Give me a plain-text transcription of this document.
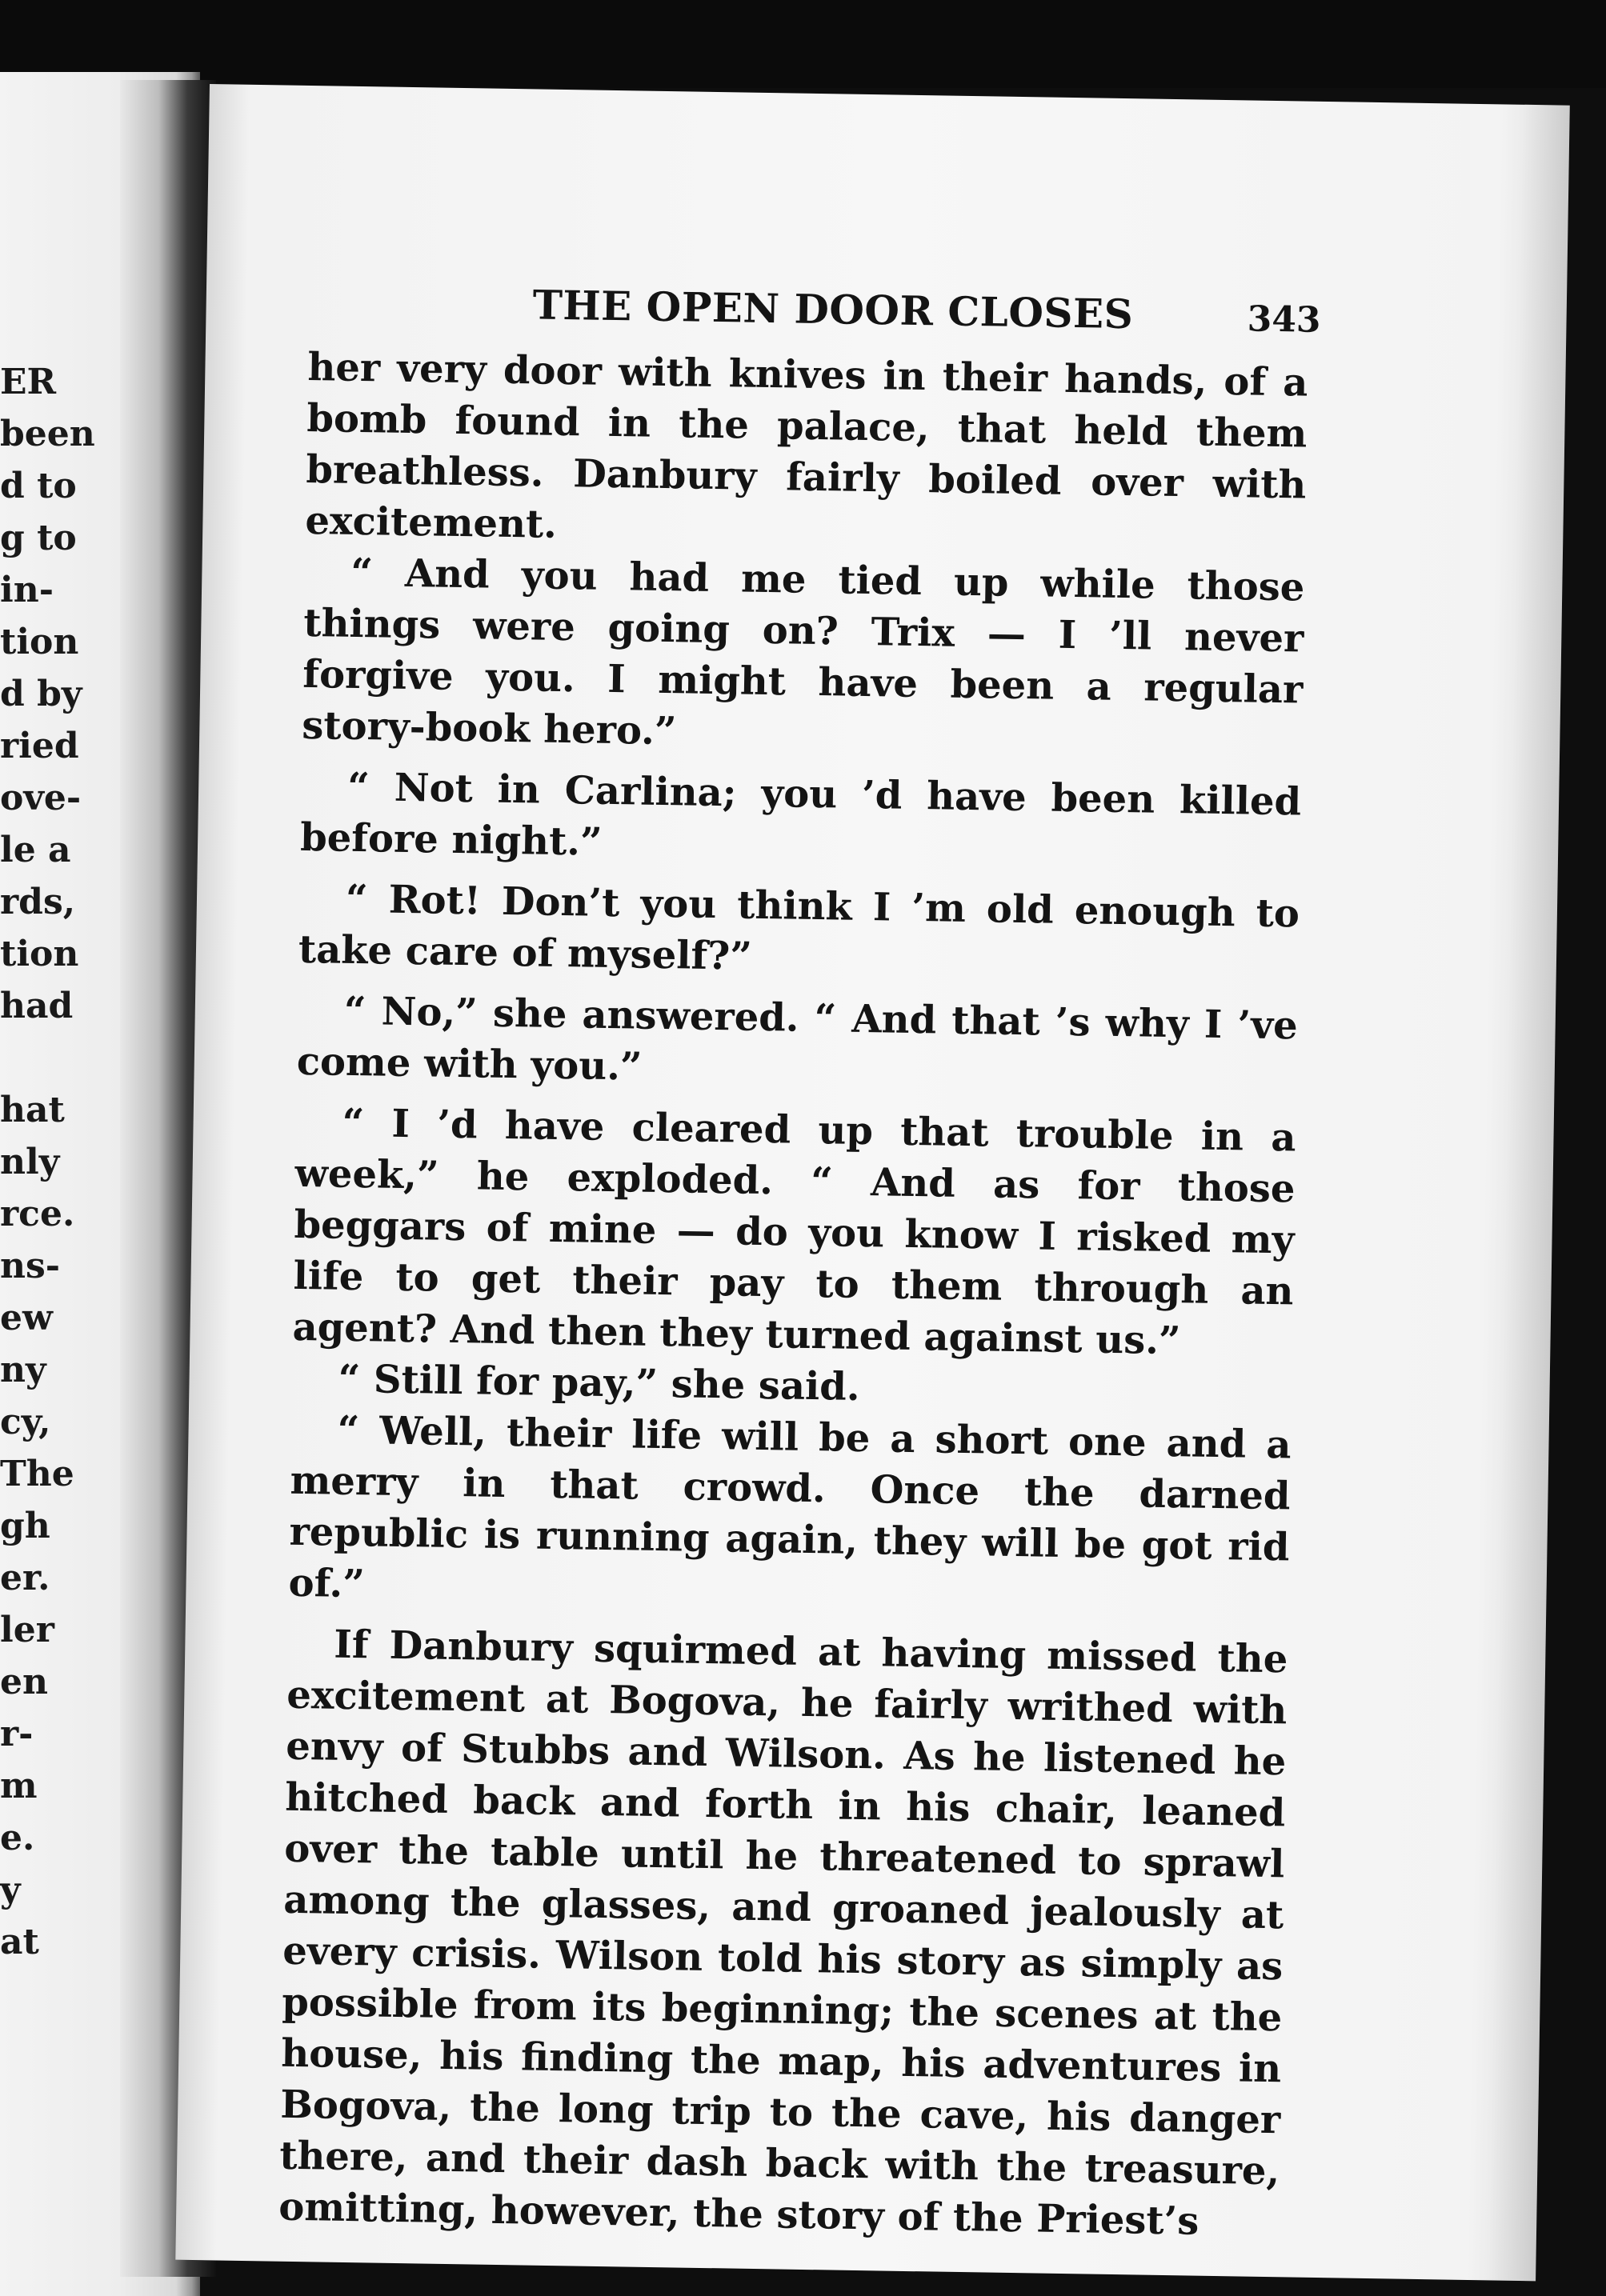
ER
been
d to
g to
in-
tion
d by
ried
ove-
le a
rds,
tion
had
hat
nly
rce.
ns-
ew
ny
cy,
The
gh
er.
ler
en
r-
m
e.
y
at
THE OPEN DOOR CLOSES	343

her very door with knives in their hands, of a bomb found in the palace, that held them breathless. Danbury fairly boiled over with excitement.

“ And you had me tied up while those things were going on? Trix — I ’ll never forgive you. I might have been a regular story-book hero.”

“ Not in Carlina; you ’d have been killed before night.”

“ Rot! Don’t you think I ’m old enough to take care of myself?”

“ No,” she answered. “ And that ’s why I ’ve come with you.”

“ I ’d have cleared up that trouble in a week,” he exploded. “ And as for those beggars of mine — do you know I risked my life to get their pay to them through an agent? And then they turned against us.”

“ Still for pay,” she said.

“ Well, their life will be a short one and a merry in that crowd. Once the darned republic is running again, they will be got rid of.”

If Danbury squirmed at having missed the excitement at Bogova, he fairly writhed with envy of Stubbs and Wilson. As he listened he hitched back and forth in his chair, leaned over the table until he threatened to sprawl among the glasses, and groaned jealously at every crisis. Wilson told his story as simply as possible from its beginning; the scenes at the house, his finding the map, his adventures in Bogova, the long trip to the cave, his danger there, and their dash back with the treasure, omitting, however, the story of the Priest’s
